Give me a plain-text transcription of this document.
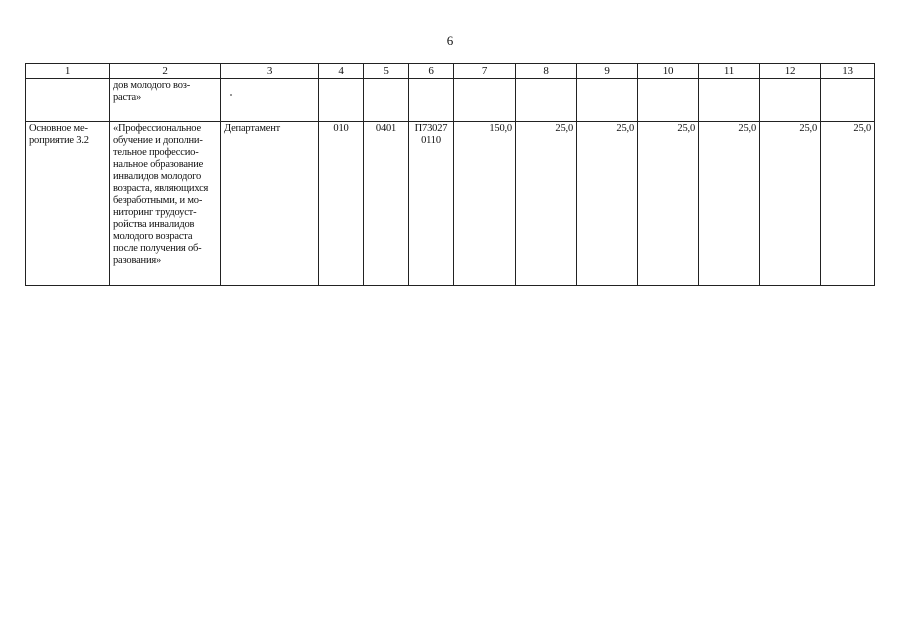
6
1	2	3	4	5	6	7	8	9	10	11	12	13
	дов молодого воз- раста»	

Основное ме- роприятие 3.2	«Профессиональное обучение и дополни- тельное профессио- нальное образование инвалидов молодого возраста, являющихся безработными, и мо- ниторинг трудоуст- ройства инвалидов молодого возраста после получения об- разования»	Департамент	010	0401	П73027 0110	150,0	25,0	25,0	25,0	25,0	25,0	25,0
